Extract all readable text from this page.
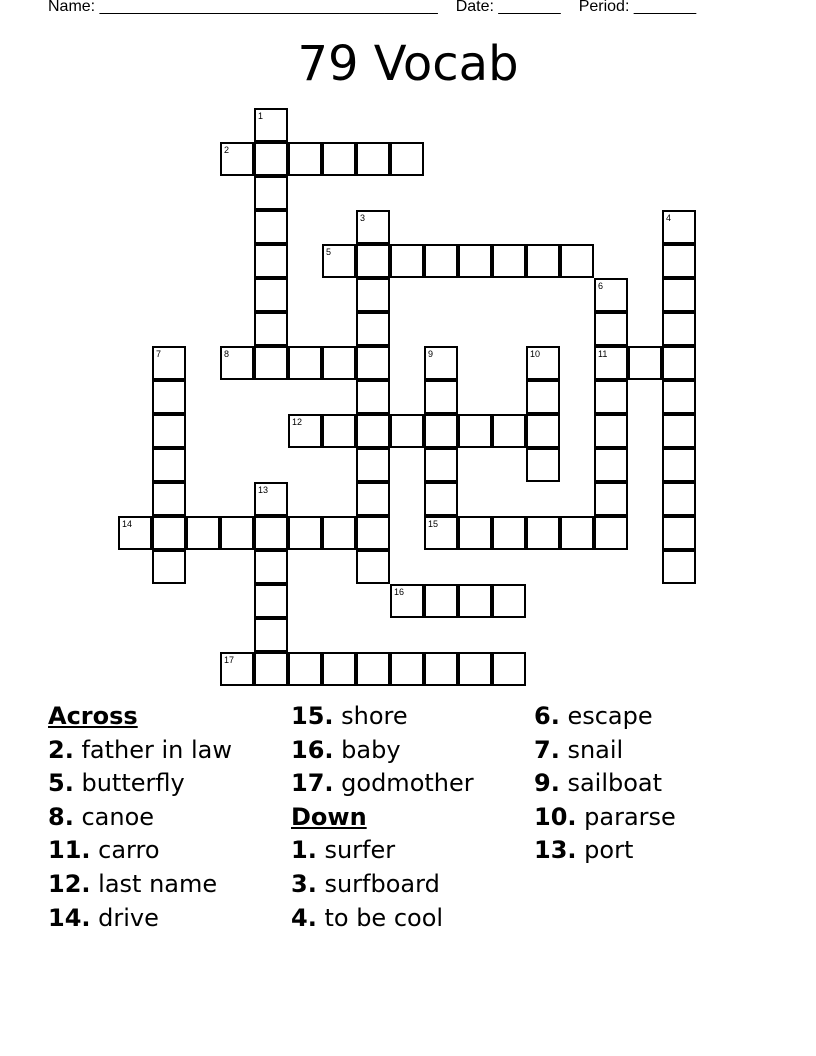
Name: ______________________________________ Date: _______ Period: _______
79 Vocab
1
2
3	4
5
6
7	8	9	10	11
12
13
14	15
16
17
Across
2. father in law
5. butterfly
8. canoe
11. carro
12. last name
14. drive
15. shore
16. baby
17. godmother
Down
1. surfer
3. surfboard
4. to be cool
6. escape
7. snail
9. sailboat
10. pararse
13. port
